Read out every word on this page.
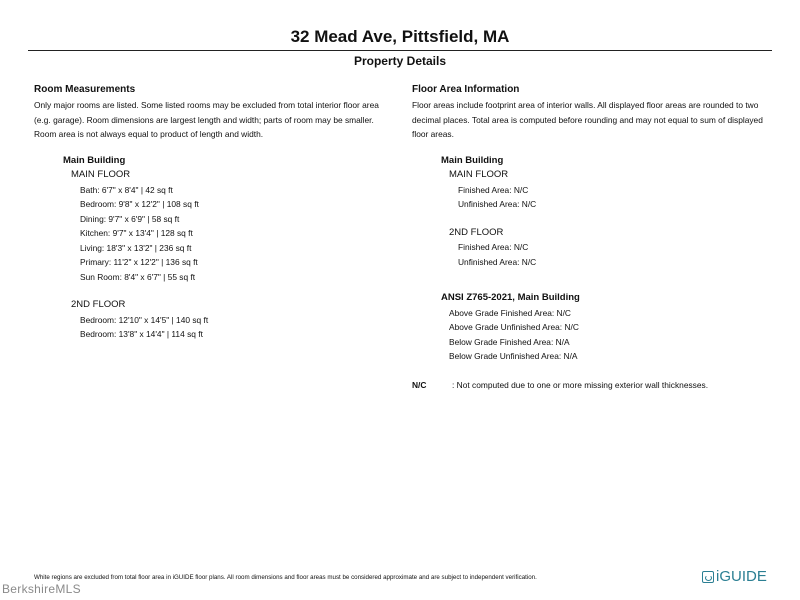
32 Mead Ave, Pittsfield, MA
Property Details
Room Measurements
Only major rooms are listed. Some listed rooms may be excluded from total interior floor area
(e.g. garage). Room dimensions are largest length and width; parts of room may be smaller.
Room area is not always equal to product of length and width.
Main Building
MAIN FLOOR
Bath: 6'7" x 8'4" | 42 sq ft
Bedroom: 9'8" x 12'2" | 108 sq ft
Dining: 9'7" x 6'9" | 58 sq ft
Kitchen: 9'7" x 13'4" | 128 sq ft
Living: 18'3" x 13'2" | 236 sq ft
Primary: 11'2" x 12'2" | 136 sq ft
Sun Room: 8'4" x 6'7" | 55 sq ft
2ND FLOOR
Bedroom: 12'10" x 14'5" | 140 sq ft
Bedroom: 13'8" x 14'4" | 114 sq ft
Floor Area Information
Floor areas include footprint area of interior walls. All displayed floor areas are rounded to two
decimal places. Total area is computed before rounding and may not equal to sum of displayed
floor areas.
Main Building
MAIN FLOOR
Finished Area: N/C
Unfinished Area: N/C
2ND FLOOR
Finished Area: N/C
Unfinished Area: N/C
ANSI Z765-2021, Main Building
Above Grade Finished Area: N/C
Above Grade Unfinished Area: N/C
Below Grade Finished Area: N/A
Below Grade Unfinished Area: N/A
N/C	: Not computed due to one or more missing exterior wall thicknesses.
White regions are excluded from total floor area in iGUIDE floor plans. All room dimensions and floor areas must be considered approximate and are subject to independent verification.	iGUIDE
BerkshireMLS
